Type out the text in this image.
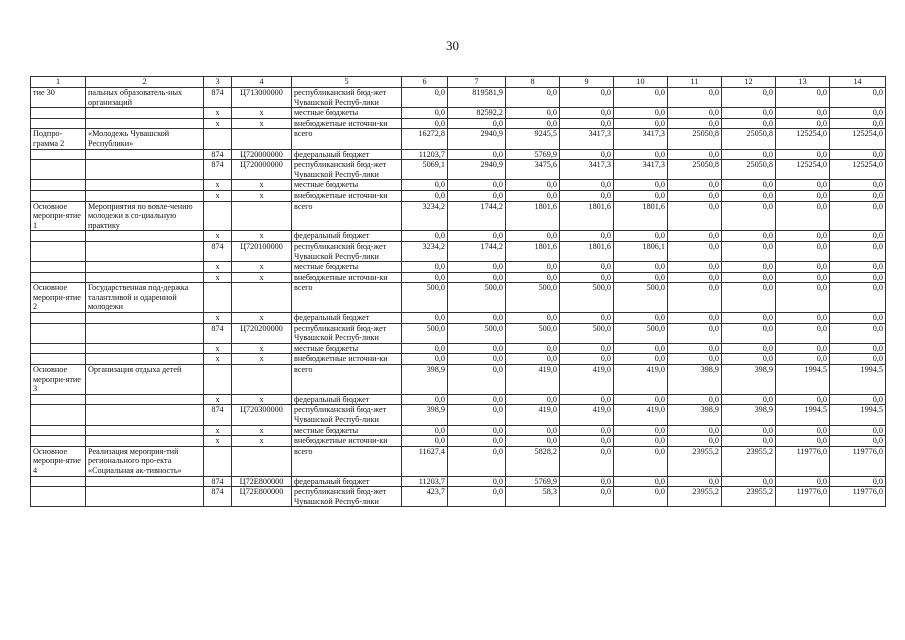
30
1	2	3	4	5	6	7	8	9	10	11	12	13	14
тие 30	пальных образователь-ных организаций	874	Ц713000000	республиканский бюд-жет Чувашской Респуб-лики	0,0	819581,9	0,0	0,0	0,0	0,0	0,0	0,0	0,0
		x	x	местные бюджеты	0,0	82592,2	0,0	0,0	0,0	0,0	0,0	0,0	0,0
		x	x	внебюджетные источни-ки	0,0	0,0	0,0	0,0	0,0	0,0	0,0	0,0	0,0
Подпро-грамма 2	«Молодежь Чувашской Республики»			всего	16272,8	2940,9	9245,5	3417,3	3417,3	25050,8	25050,8	125254,0	125254,0
		874	Ц720000000	федеральный бюджет	11203,7	0,0	5769,9	0,0	0,0	0,0	0,0	0,0	0,0
		874	Ц720000000	республиканский бюд-жет Чувашской Респуб-лики	5069,1	2940,9	3475,6	3417,3	3417,3	25050,8	25050,8	125254,0	125254,0
		x	x	местные бюджеты	0,0	0,0	0,0	0,0	0,0	0,0	0,0	0,0	0,0
		x	x	внебюджетные источни-ки	0,0	0,0	0,0	0,0	0,0	0,0	0,0	0,0	0,0
Основное меропри-ятие 1	Мероприятия по вовле-чению молодежи в со-циальную практику			всего	3234,2	1744,2	1801,6	1801,6	1801,6	0,0	0,0	0,0	0,0
		x	x	федеральный бюджет	0,0	0,0	0,0	0,0	0,0	0,0	0,0	0,0	0,0
		874	Ц720100000	республиканский бюд-жет Чувашской Респуб-лики	3234,2	1744,2	1801,6	1801,6	1806,1	0,0	0,0	0,0	0,0
		x	x	местные бюджеты	0,0	0,0	0,0	0,0	0,0	0,0	0,0	0,0	0,0
		x	x	внебюджетные источни-ки	0,0	0,0	0,0	0,0	0,0	0,0	0,0	0,0	0,0
Основное меропри-ятие 2	Государственная под-держка талантливой и одаренной молодежи			всего	500,0	500,0	500,0	500,0	500,0	0,0	0,0	0,0	0,0
		x	x	федеральный бюджет	0,0	0,0	0,0	0,0	0,0	0,0	0,0	0,0	0,0
		874	Ц720200000	республиканский бюд-жет Чувашской Респуб-лики	500,0	500,0	500,0	500,0	500,0	0,0	0,0	0,0	0,0
		x	x	местные бюджеты	0,0	0,0	0,0	0,0	0,0	0,0	0,0	0,0	0,0
		x	x	внебюджетные источни-ки	0,0	0,0	0,0	0,0	0,0	0,0	0,0	0,0	0,0
Основное меропри-ятие 3	Организация отдыха детей			всего	398,9	0,0	419,0	419,0	419,0	398,9	398,9	1994,5	1994,5
		x	x	федеральный бюджет	0,0	0,0	0,0	0,0	0,0	0,0	0,0	0,0	0,0
		874	Ц720300000	республиканский бюд-жет Чувашской Респуб-лики	398,9	0,0	419,0	419,0	419,0	398,9	398,9	1994,5	1994,5
		x	x	местные бюджеты	0,0	0,0	0,0	0,0	0,0	0,0	0,0	0,0	0,0
		x	x	внебюджетные источни-ки	0,0	0,0	0,0	0,0	0,0	0,0	0,0	0,0	0,0
Основное меропри-ятие 4	Реализация мероприя-тий регионального про-екта «Социальная ак-тивность»			всего	11627,4	0,0	5828,2	0,0	0,0	23955,2	23955,2	119776,0	119776,0
		874	Ц72Е800000	федеральный бюджет	11203,7	0,0	5769,9	0,0	0,0	0,0	0,0	0,0	0,0
		874	Ц72Е800000	республиканский бюд-жет Чувашской Респуб-лики	423,7	0,0	58,3	0,0	0,0	23955,2	23955,2	119776,0	119776,0
